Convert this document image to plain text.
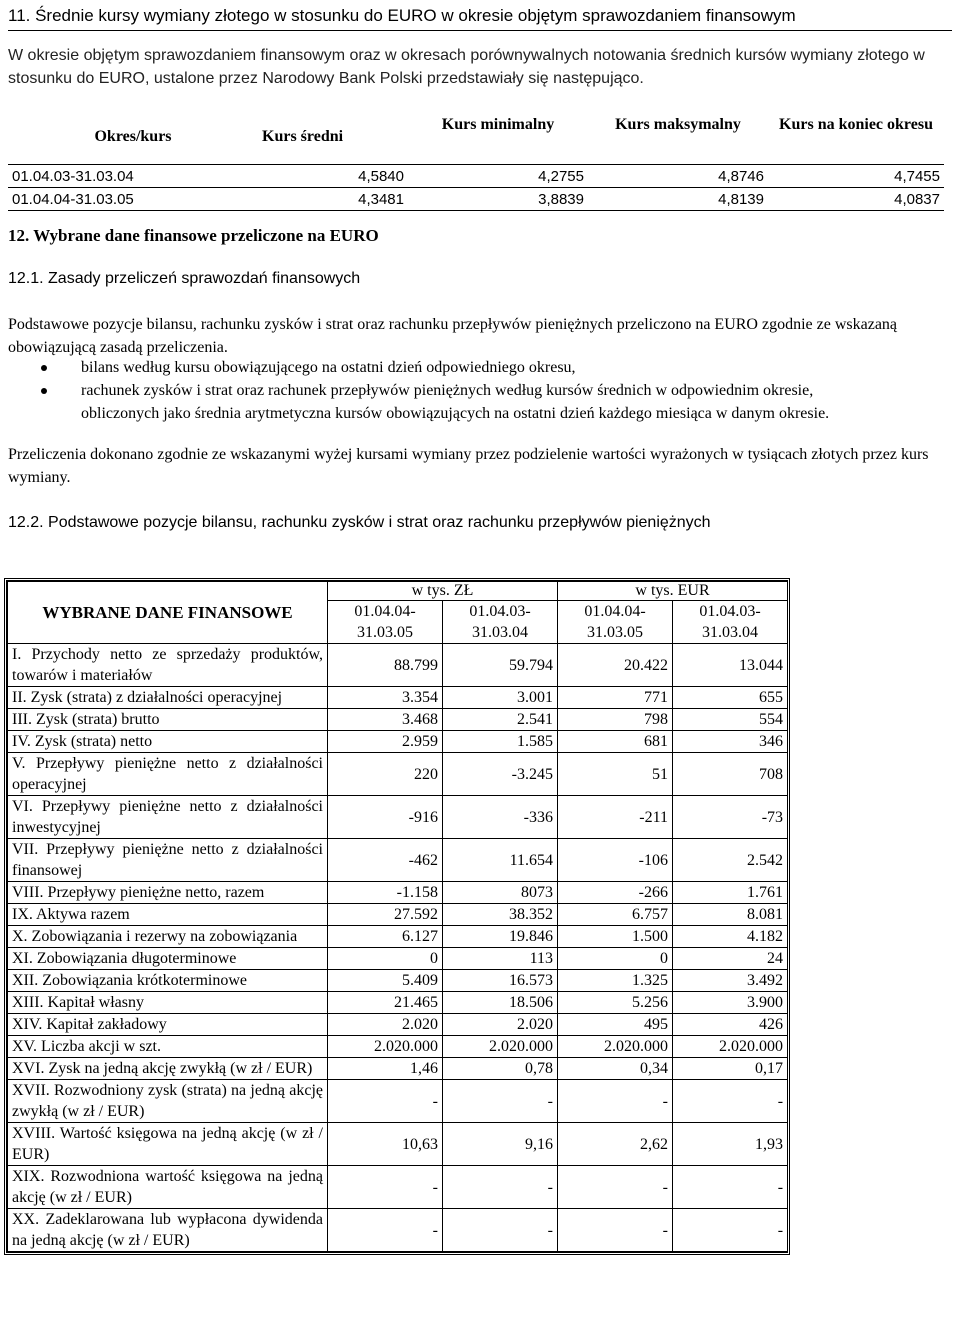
11. Średnie kursy wymiany złotego w stosunku do EURO w okresie objętym sprawozdaniem finansowym
W okresie objętym sprawozdaniem finansowym oraz w okresach porównywalnych notowania średnich kursów wymiany złotego w stosunku do EURO, ustalone przez Narodowy Bank Polski przedstawiały się następująco.
Okres/kurs	Kurs średni	Kurs minimalny	Kurs maksymalny	Kurs na koniec okresu
01.04.03-31.03.04	4,5840	4,2755	4,8746	4,7455
01.04.04-31.03.05	4,3481	3,8839	4,8139	4,0837
12. Wybrane dane finansowe przeliczone na EURO
12.1. Zasady przeliczeń sprawozdań finansowych
Podstawowe pozycje bilansu, rachunku zysków i strat oraz rachunku przepływów pieniężnych przeliczono na EURO zgodnie ze wskazaną obowiązującą zasadą przeliczenia.
bilans według kursu obowiązującego na ostatni dzień odpowiedniego okresu,
rachunek zysków i strat oraz rachunek przepływów pieniężnych według kursów średnich w odpowiednim okresie,
obliczonych jako średnia arytmetyczna kursów obowiązujących na ostatni dzień każdego miesiąca w danym okresie.
Przeliczenia dokonano zgodnie ze wskazanymi wyżej kursami wymiany przez podzielenie wartości wyrażonych w tysiącach złotych przez kurs wymiany.
12.2. Podstawowe pozycje bilansu, rachunku zysków i strat oraz rachunku przepływów pieniężnych
WYBRANE DANE FINANSOWE	w tys. ZŁ		w tys. EUR	
	01.04.04-31.03.05	01.04.03-31.03.04	01.04.04-31.03.05	01.04.03-31.03.04
I. Przychody netto ze sprzedaży produktów, towarów i materiałów	88.799	59.794	20.422	13.044
II. Zysk (strata) z działalności operacyjnej	3.354	3.001	771	655
III. Zysk (strata) brutto	3.468	2.541	798	554
IV. Zysk (strata) netto	2.959	1.585	681	346
V. Przepływy pieniężne netto z działalności operacyjnej	220	-3.245	51	708
VI. Przepływy pieniężne netto z działalności inwestycyjnej	-916	-336	-211	-73
VII. Przepływy pieniężne netto z działalności finansowej	-462	11.654	-106	2.542
VIII. Przepływy pieniężne netto, razem	-1.158	8073	-266	1.761
IX. Aktywa razem	27.592	38.352	6.757	8.081
X. Zobowiązania i rezerwy na zobowiązania	6.127	19.846	1.500	4.182
XI. Zobowiązania długoterminowe	0	113	0	24
XII. Zobowiązania krótkoterminowe	5.409	16.573	1.325	3.492
XIII. Kapitał własny	21.465	18.506	5.256	3.900
XIV. Kapitał zakładowy	2.020	2.020	495	426
XV. Liczba akcji w szt.	2.020.000	2.020.000	2.020.000	2.020.000
XVI. Zysk na jedną akcję zwykłą (w zł / EUR)	1,46	0,78	0,34	0,17
XVII. Rozwodniony zysk (strata) na jedną akcję zwykłą (w zł / EUR)	-	-	-	-
XVIII. Wartość księgowa na jedną akcję (w zł / EUR)	10,63	9,16	2,62	1,93
XIX. Rozwodniona wartość księgowa na jedną akcję (w zł / EUR)	-	-	-	-
XX. Zadeklarowana lub wypłacona dywidenda na jedną akcję (w zł / EUR)	-	-	-	-
